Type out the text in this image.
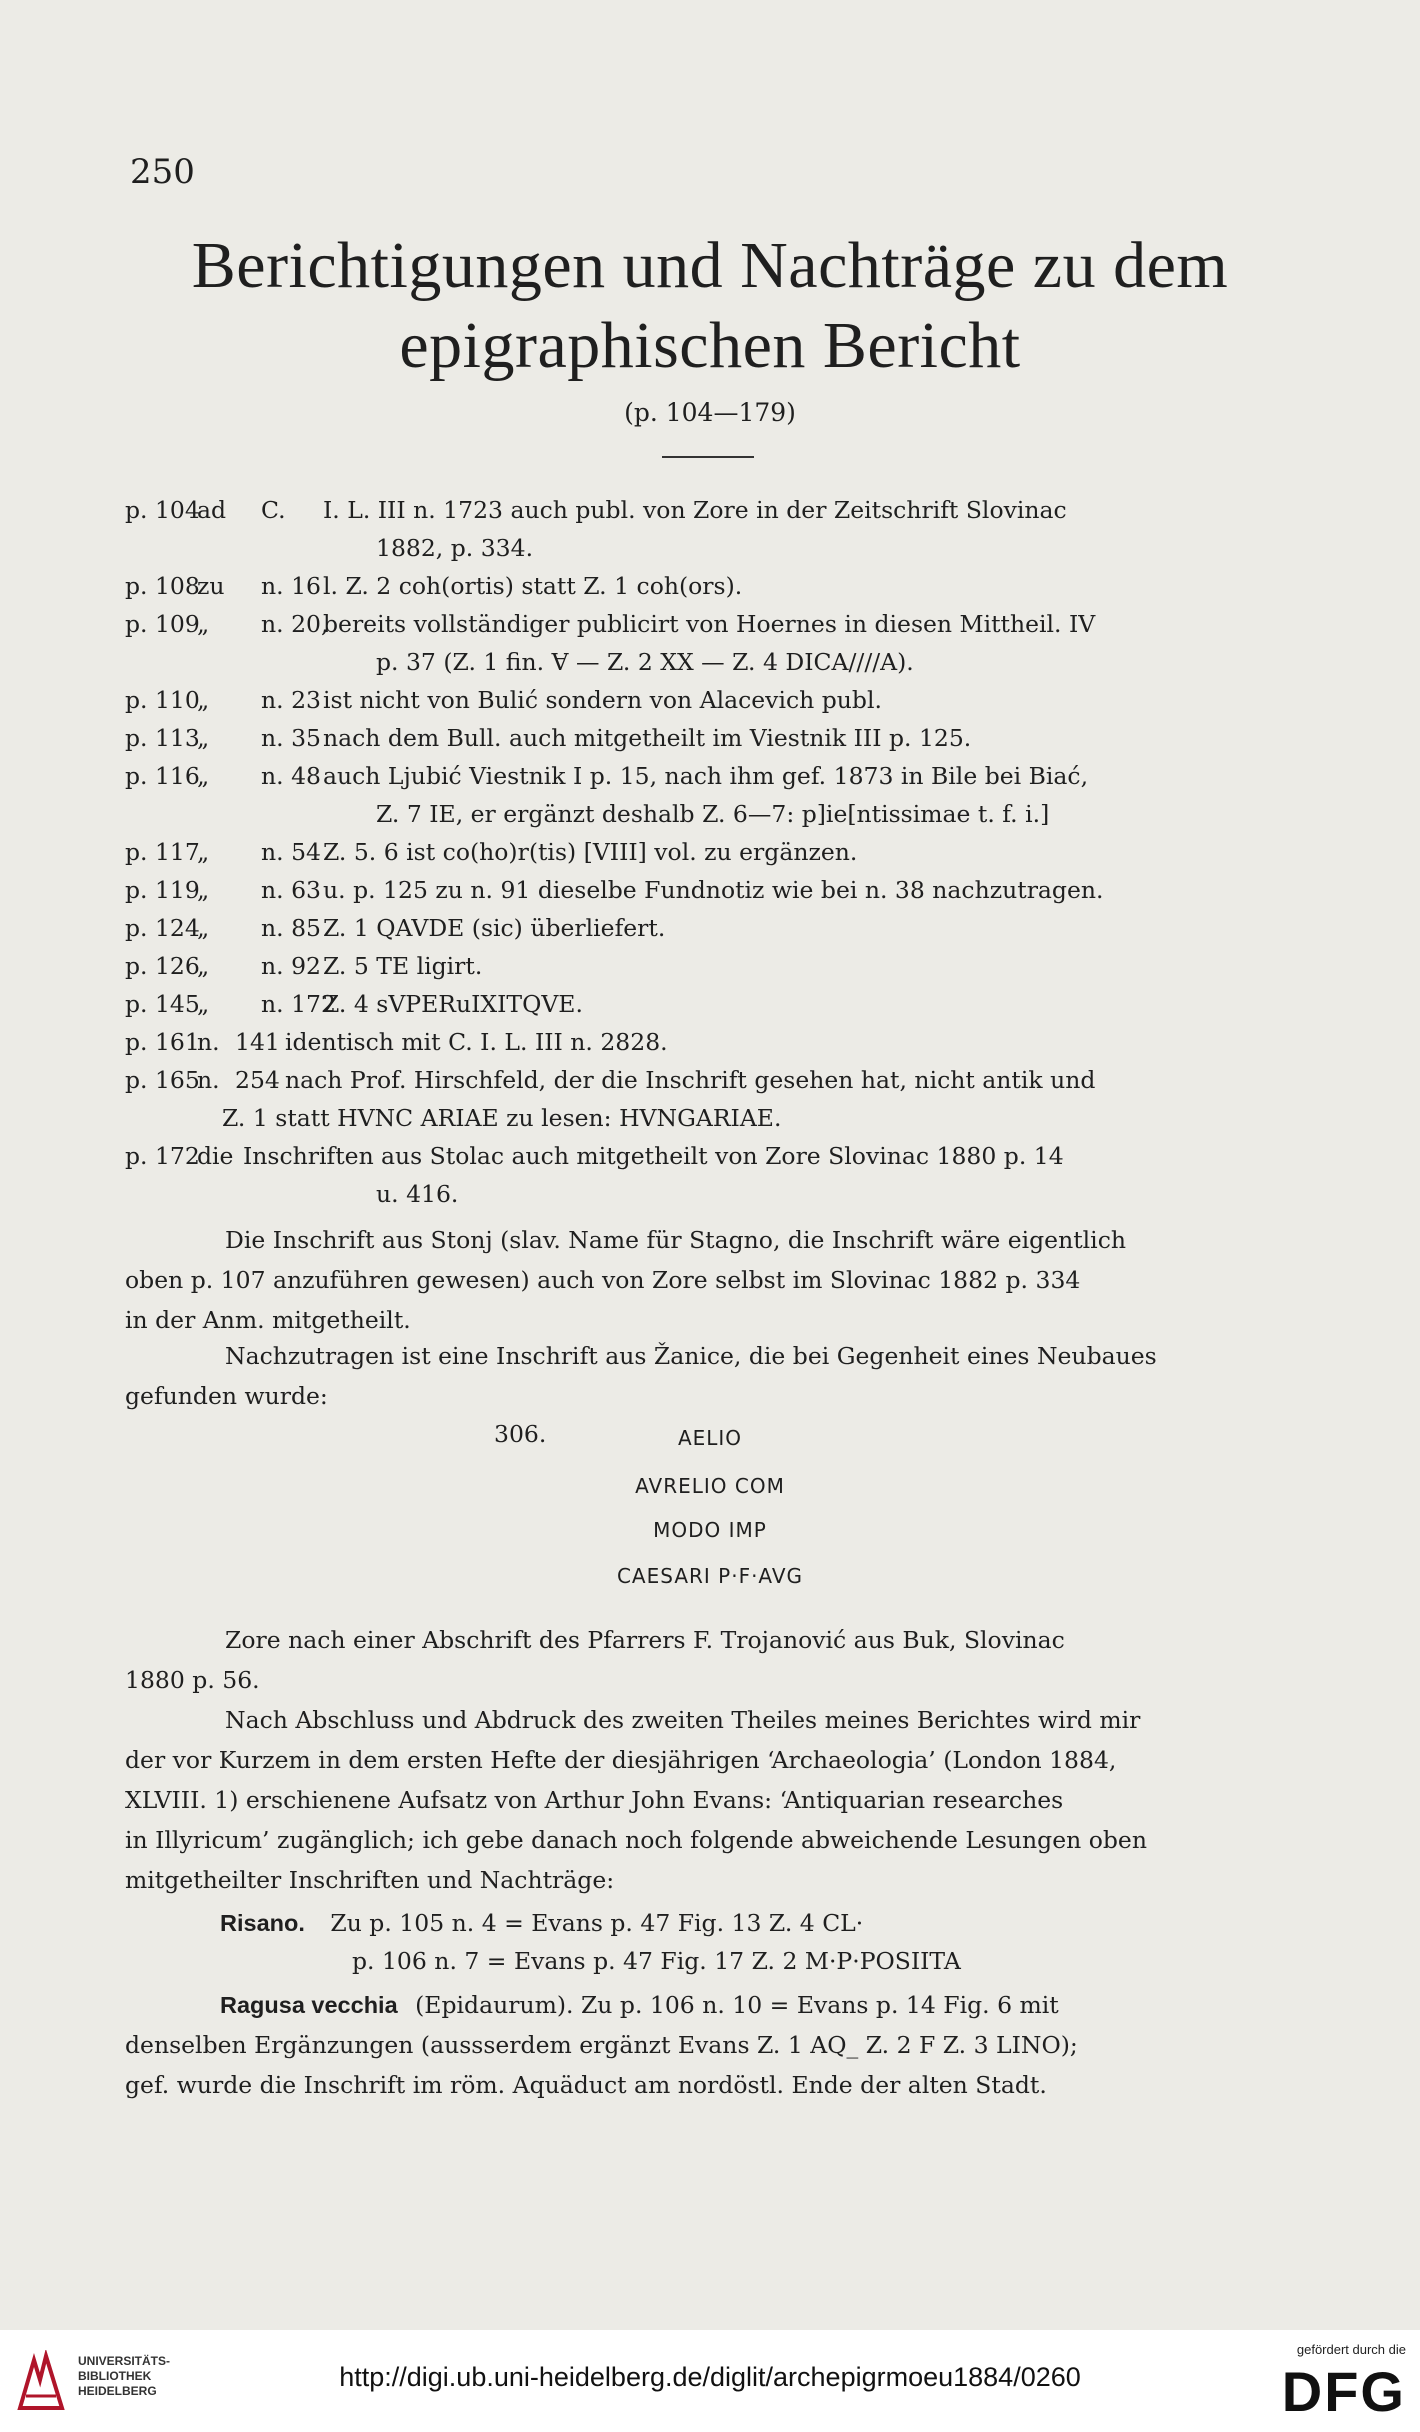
250
Berichtigungen und Nachträge zu dem
epigraphischen Bericht
(p. 104—179)
p. 104ad C. I. L. III n. 1723 auch publ. von Zore in der Zeitschrift Slovinac
1882, p. 334.
p. 108zu n. 16l. Z. 2 coh(ortis) statt Z. 1 coh(ors).
p. 109„ n. 20,bereits vollständiger publicirt von Hoernes in diesen Mittheil. IV
p. 37 (Z. 1 fin. Ɐ — Z. 2 XX — Z. 4 DICA////A).
p. 110„ n. 23ist nicht von Bulić sondern von Alacevich publ.
p. 113„ n. 35nach dem Bull. auch mitgetheilt im Viestnik III p. 125.
p. 116„ n. 48auch Ljubić Viestnik I p. 15, nach ihm gef. 1873 in Bile bei Biać,
Z. 7 IE, er ergänzt deshalb Z. 6—7: p]ie[ntissimae t. f. i.]
p. 117„ n. 54Z. 5. 6 ist co(ho)r(tis) [VIII] vol. zu ergänzen.
p. 119„ n. 63u. p. 125 zu n. 91 dieselbe Fundnotiz wie bei n. 38 nachzutragen.
p. 124„ n. 85Z. 1 QAVDE (sic) überliefert.
p. 126„ n. 92Z. 5 TE ligirt.
p. 145„ n. 172Z. 4 sVPERuIXITQVE.
p. 161n. 141 identisch mit C. I. L. III n. 2828.
p. 165n. 254 nach Prof. Hirschfeld, der die Inschrift gesehen hat, nicht antik und
Z. 1 statt HVNC ARIAE zu lesen: HVNGARIAE.
p. 172die Inschriften aus Stolac auch mitgetheilt von Zore Slovinac 1880 p. 14
u. 416.
Die Inschrift aus Stonj (slav. Name für Stagno, die Inschrift wäre eigentlich
oben p. 107 anzuführen gewesen) auch von Zore selbst im Slovinac 1882 p. 334
in der Anm. mitgetheilt.
Nachzutragen ist eine Inschrift aus Žanice, die bei Gegenheit eines Neubaues
gefunden wurde:
306.	AELIO
AVRELIO COM
MODO IMP
CAESARI P·F·AVG
Zore nach einer Abschrift des Pfarrers F. Trojanović aus Buk, Slovinac
1880 p. 56.
Nach Abschluss und Abdruck des zweiten Theiles meines Berichtes wird mir
der vor Kurzem in dem ersten Hefte der diesjährigen ‘Archaeologia’ (London 1884,
XLVIII. 1) erschienene Aufsatz von Arthur John Evans: ‘Antiquarian researches
in Illyricum’ zugänglich; ich gebe danach noch folgende abweichende Lesungen oben
mitgetheilter Inschriften und Nachträge:
Risano. Zu p. 105 n. 4 = Evans p. 47 Fig. 13 Z. 4 CL·
p. 106 n. 7 = Evans p. 47 Fig. 17 Z. 2 M·P·POSIITA
Ragusa vecchia (Epidaurum). Zu p. 106 n. 10 = Evans p. 14 Fig. 6 mit
denselben Ergänzungen (aussserdem ergänzt Evans Z. 1 AQ_ Z. 2 F Z. 3 LINO);
gef. wurde die Inschrift im röm. Aquäduct am nordöstl. Ende der alten Stadt.
UNIVERSITÄTS-
BIBLIOTHEK
HEIDELBERG	http://digi.ub.uni-heidelberg.de/diglit/archepigrmoeu1884/0260
gefördert durch die
DFG
